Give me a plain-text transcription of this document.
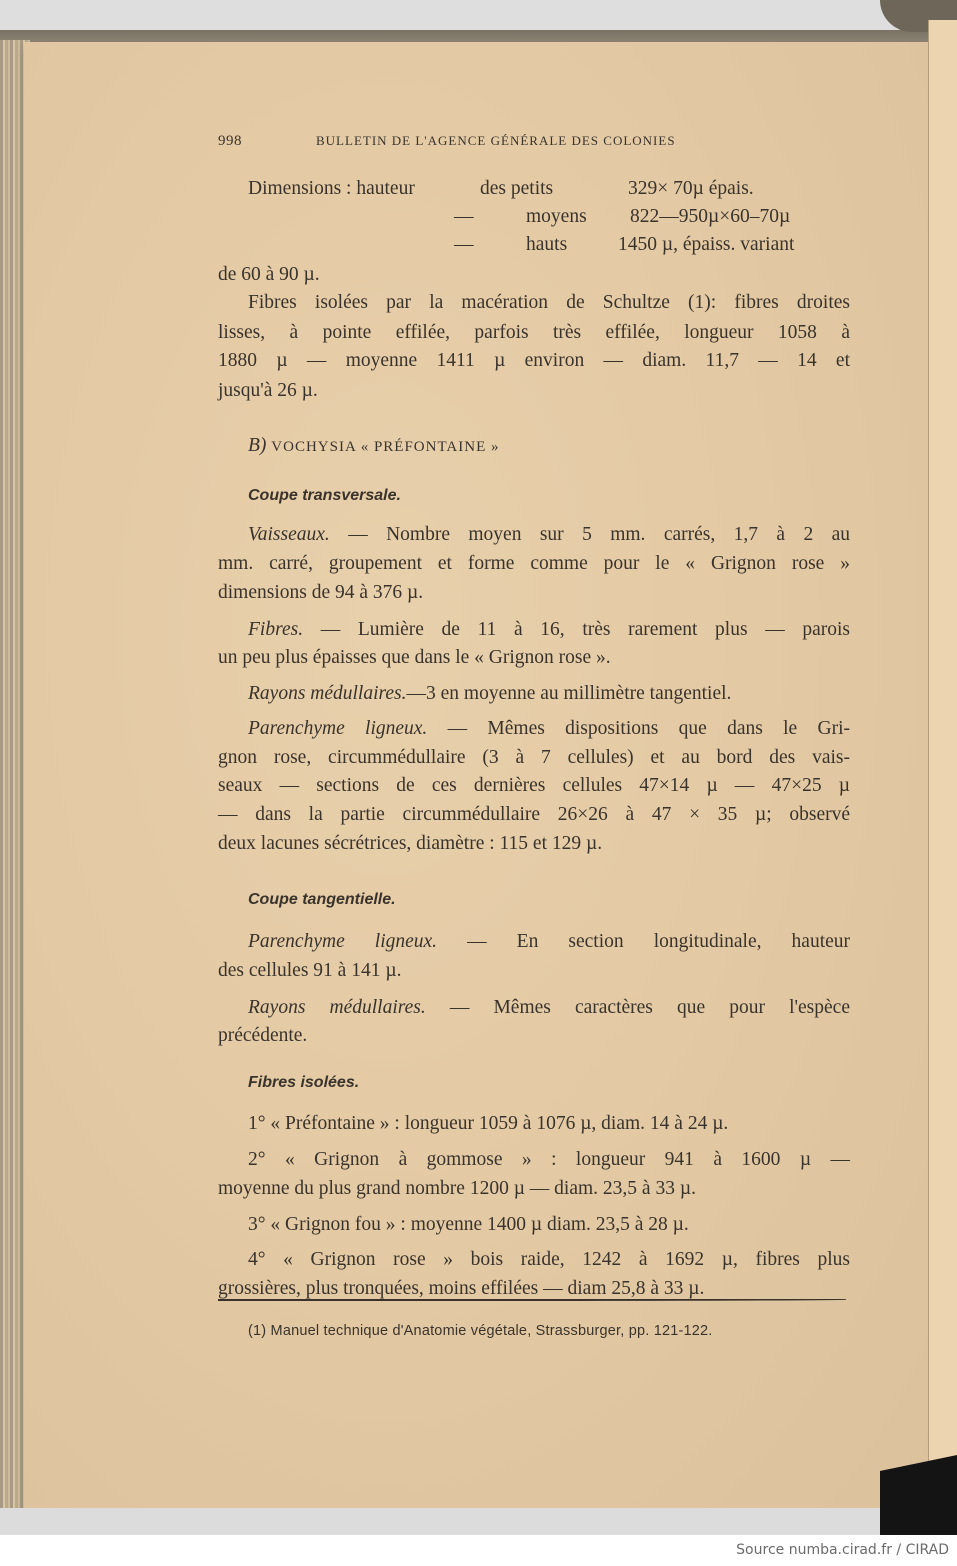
998	BULLETIN DE L'AGENCE GÉNÉRALE DES COLONIES
Dimensions : hauteur	des petits	329× 70µ épais.
—	moyens 822—950µ×60–70µ
—	hauts	1450 µ, épaiss. variant
de 60 à 90 µ.
Fibres isolées par la macération de Schultze (1): fibres droites
lisses, à pointe effilée, parfois très effilée, longueur 1058 à
1880 µ — moyenne 1411 µ environ — diam. 11,7 — 14 et
jusqu'à 26 µ.
B) VOCHYSIA « PRÉFONTAINE »
Coupe transversale.
Vaisseaux. — Nombre moyen sur 5 mm. carrés, 1,7 à 2 au
mm. carré, groupement et forme comme pour le « Grignon rose »
dimensions de 94 à 376 µ.
Fibres. — Lumière de 11 à 16, très rarement plus — parois
un peu plus épaisses que dans le « Grignon rose ».
Rayons médullaires.—3 en moyenne au millimètre tangentiel.
Parenchyme ligneux. — Mêmes dispositions que dans le Gri-
gnon rose, circummédullaire (3 à 7 cellules) et au bord des vais-
seaux — sections de ces dernières cellules 47×14 µ — 47×25 µ
— dans la partie circummédullaire 26×26 à 47 × 35 µ; observé
deux lacunes sécrétrices, diamètre : 115 et 129 µ.
Coupe tangentielle.
Parenchyme ligneux. — En section longitudinale, hauteur
des cellules 91 à 141 µ.
Rayons médullaires. — Mêmes caractères que pour l'espèce
précédente.
Fibres isolées.
1° « Préfontaine » : longueur 1059 à 1076 µ, diam. 14 à 24 µ.
2° « Grignon à gommose » : longueur 941 à 1600 µ —
moyenne du plus grand nombre 1200 µ — diam. 23,5 à 33 µ.
3° « Grignon fou » : moyenne 1400 µ diam. 23,5 à 28 µ.
4° « Grignon rose » bois raide, 1242 à 1692 µ, fibres plus
grossières, plus tronquées, moins effilées — diam 25,8 à 33 µ.
(1) Manuel technique d'Anatomie végétale, Strassburger, pp. 121-122.
Source numba.cirad.fr / CIRAD
